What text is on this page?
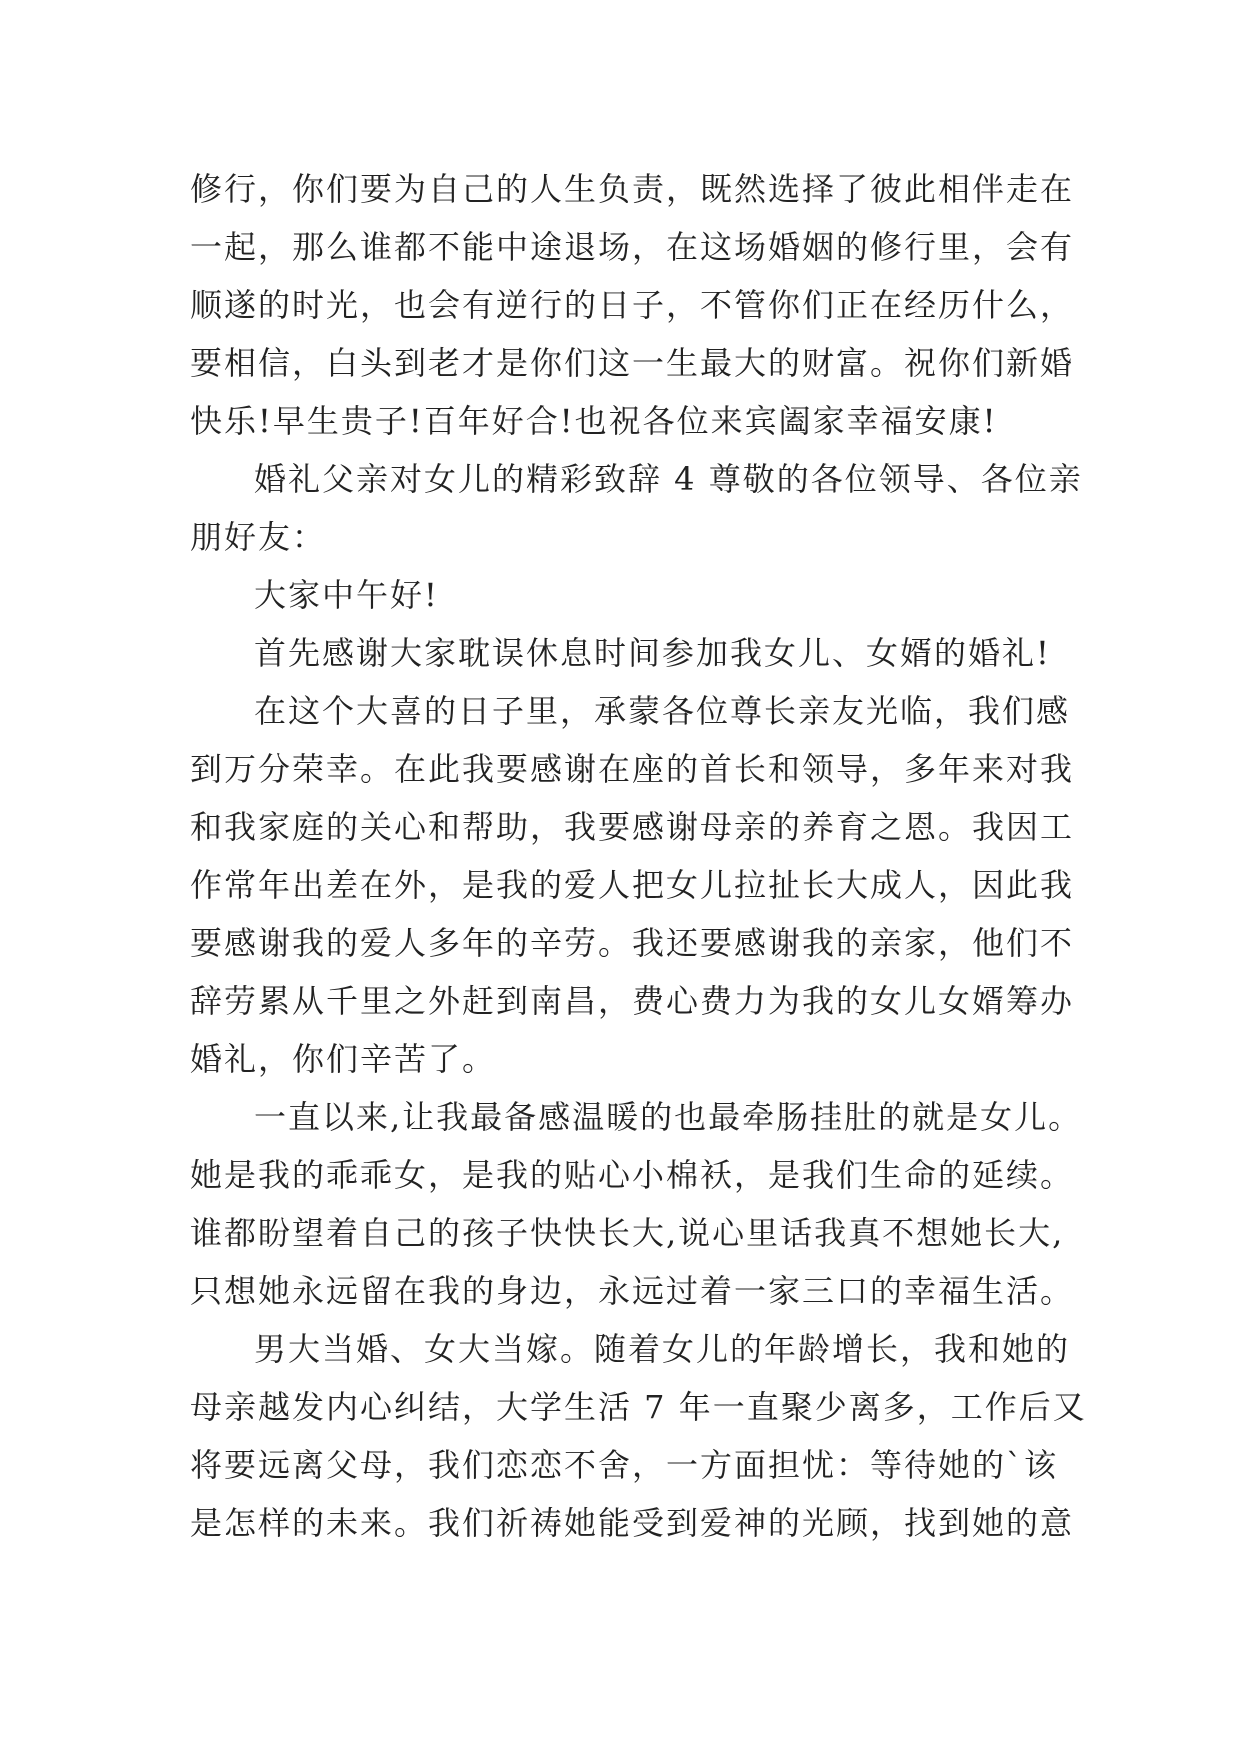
修行，你们要为自己的人生负责，既然选择了彼此相伴走在
一起，那么谁都不能中途退场，在这场婚姻的修行里，会有
顺遂的时光，也会有逆行的日子，不管你们正在经历什么，
要相信，白头到老才是你们这一生最大的财富。祝你们新婚
快乐!早生贵子!百年好合!也祝各位来宾阖家幸福安康!
婚礼父亲对女儿的精彩致辞 4 尊敬的各位领导、各位亲
朋好友：
大家中午好!
首先感谢大家耽误休息时间参加我女儿、女婿的婚礼!
在这个大喜的日子里，承蒙各位尊长亲友光临，我们感
到万分荣幸。在此我要感谢在座的首长和领导，多年来对我
和我家庭的关心和帮助，我要感谢母亲的养育之恩。我因工
作常年出差在外，是我的爱人把女儿拉扯长大成人，因此我
要感谢我的爱人多年的辛劳。我还要感谢我的亲家，他们不
辞劳累从千里之外赶到南昌，费心费力为我的女儿女婿筹办
婚礼，你们辛苦了。
一直以来,让我最备感温暖的也最牵肠挂肚的就是女儿。
她是我的乖乖女，是我的贴心小棉袄，是我们生命的延续。
谁都盼望着自己的孩子快快长大,说心里话我真不想她长大,
只想她永远留在我的身边，永远过着一家三口的幸福生活。
男大当婚、女大当嫁。随着女儿的年龄增长，我和她的
母亲越发内心纠结，大学生活 7 年一直聚少离多，工作后又
将要远离父母，我们恋恋不舍，一方面担忧：等待她的`该
是怎样的未来。我们祈祷她能受到爱神的光顾，找到她的意
